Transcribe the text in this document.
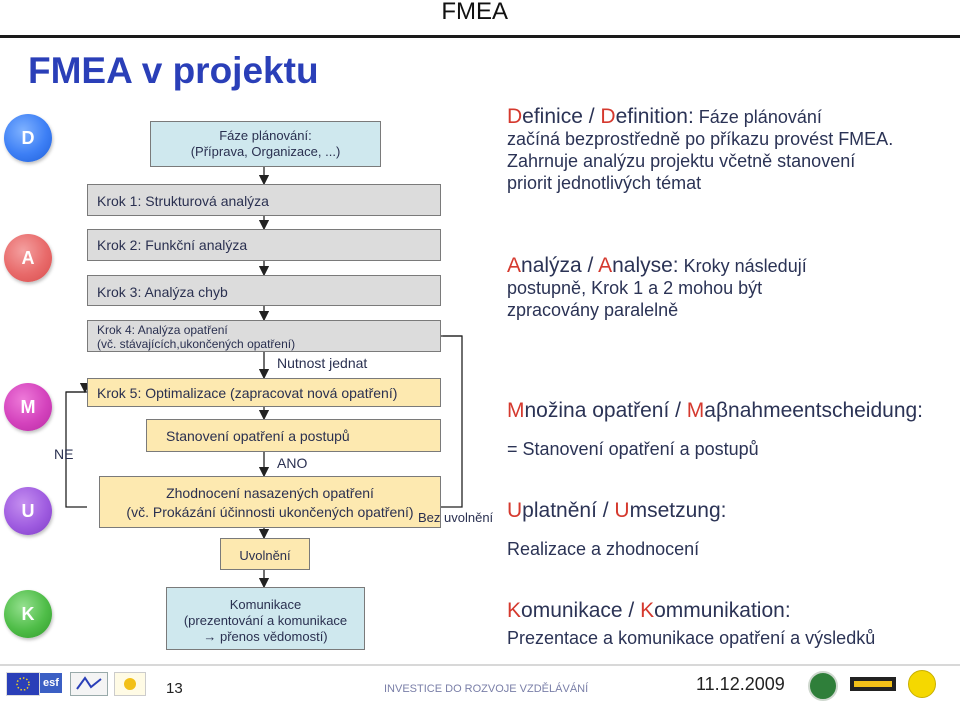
FMEA
FMEA v projektu
D
A
M
U
K
Fáze plánování:
(Příprava, Organizace, ...)
Krok 1: Strukturová analýza
Krok 2: Funkční analýza
Krok 3: Analýza chyb
Krok 4: Analýza opatření
(vč. stávajících,ukončených opatření)
Nutnost jednat
Krok 5: Optimalizace (zapracovat nová opatření)
Stanovení opatření a postupů
ANO
NE
Zhodnocení nasazených opatření
(vč. Prokázání účinnosti ukončených opatření) Bez uvolnění
Uvolnění
Komunikace
(prezentování a komunikace
→ přenos vědomostí)
Definice / Definition: Fáze plánování
začíná bezprostředně po příkazu provést FMEA.
Zahrnuje analýzu projektu včetně stanovení
priorit jednotlivých témat
Analýza / Analyse: Kroky následují
postupně, Krok 1 a 2 mohou být
zpracovány paralelně
Množina opatření / Maβnahmeentscheidung:
= Stanovení opatření a postupů
Uplatnění / Umsetzung:
Realizace a zhodnocení
Komunikace / Kommunikation:
Prezentace a komunikace opatření a výsledků
esf	13	INVESTICE DO ROZVOJE VZDĚLÁVÁNÍ	11.12.2009
